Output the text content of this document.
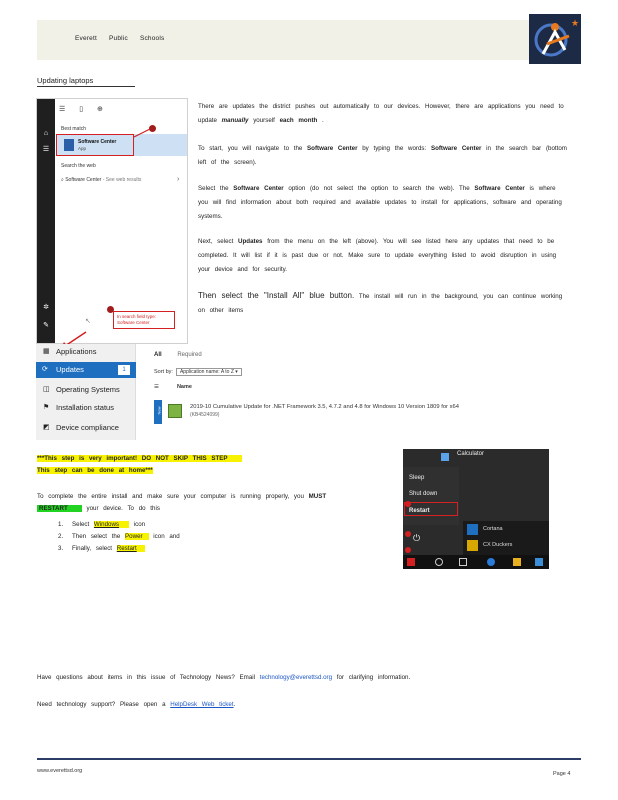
Everett Public Schools
★
Updating laptops
⌂
☰
✲
✎
☰ ▯ ⊕
Best match
Software Center
App
Search the web
⌕ Software Center - See web results	›
In search field type: Software Center
↖
There are updates the district pushes out automatically to our devices. However, there are applications you need to update manually yourself each month .
To start, you will navigate to the Software Center by typing the words: Software Center in the search bar (bottom left of the screen).
Select the Software Center option (do not select the option to search the web). The Software Center is where you will find information about both required and available updates to install for applications, software and operating systems.
Next, select Updates from the menu on the left (above). You will see listed here any updates that need to be completed. It will list if it is past due or not. Make sure to update everything listed to avoid disruption in using your device and for security.
Then select the "Install All" blue button. The install will run in the background, you can continue working on other items
▦ Applications
⟳ Updates	1
◫ Operating Systems
⚑ Installation status
◩ Device compliance
All	Required
Sort by: Application name: A to Z ▾
☰	Name
New	2019-10 Cumulative Update for .NET Framework 3.5, 4.7.2 and 4.8 for Windows 10 Version 1809 for x64
(KB4524099)
***This step is very important! DO NOT SKIP THIS STEP
This step can be done at home***
To complete the entire install and make sure your computer is running properly, you MUST RESTART your device. To do this
1. Select Windows icon
2. Then select the Power icon and
3. Finally, select Restart
Calculator
Sleep
Shut down
Restart
⏻
Cortana
CX Duckers
Have questions about items in this issue of Technology News? Email technology@everettsd.org for clarifying information.
Need technology support? Please open a HelpDesk Web ticket.
www.everettsd.org	Page 4
